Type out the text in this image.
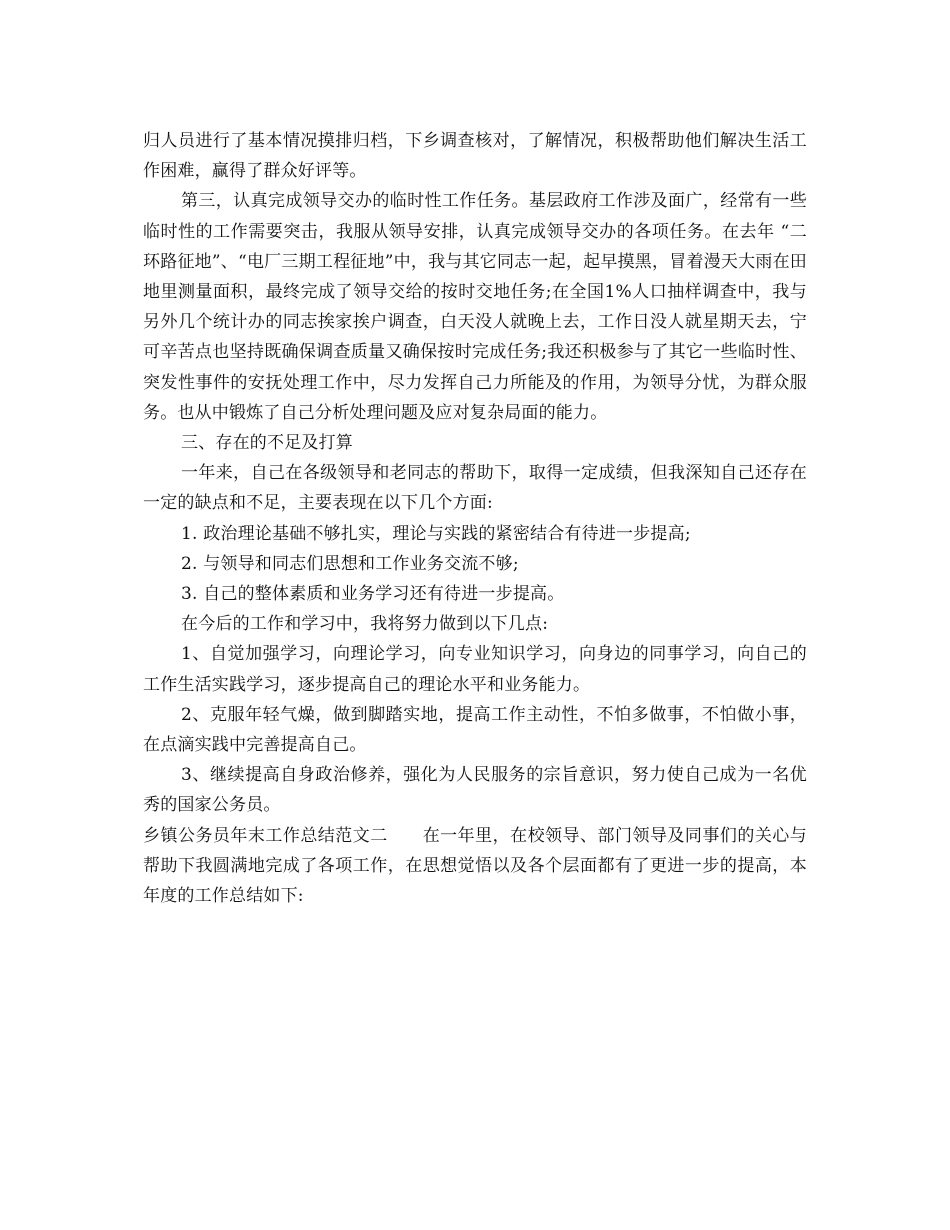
归人员进行了基本情况摸排归档，下乡调查核对，了解情况，积极帮助他们解决生活工作困难，赢得了群众好评等。

第三，认真完成领导交办的临时性工作任务。基层政府工作涉及面广，经常有一些临时性的工作需要突击，我服从领导安排，认真完成领导交办的各项任务。在去年 “二环路征地”、“电厂三期工程征地”中，我与其它同志一起，起早摸黑，冒着漫天大雨在田地里测量面积，最终完成了领导交给的按时交地任务;在全国1%人口抽样调查中，我与另外几个统计办的同志挨家挨户调查，白天没人就晚上去，工作日没人就星期天去，宁可辛苦点也坚持既确保调查质量又确保按时完成任务;我还积极参与了其它一些临时性、突发性事件的安抚处理工作中，尽力发挥自己力所能及的作用，为领导分忧，为群众服务。也从中锻炼了自己分析处理问题及应对复杂局面的能力。

三、存在的不足及打算

一年来，自己在各级领导和老同志的帮助下，取得一定成绩，但我深知自己还存在一定的缺点和不足，主要表现在以下几个方面:

1. 政治理论基础不够扎实，理论与实践的紧密结合有待进一步提高;

2. 与领导和同志们思想和工作业务交流不够;

3. 自己的整体素质和业务学习还有待进一步提高。

在今后的工作和学习中，我将努力做到以下几点:

1、自觉加强学习，向理论学习，向专业知识学习，向身边的同事学习，向自己的工作生活实践学习，逐步提高自己的理论水平和业务能力。

2、克服年轻气燥，做到脚踏实地，提高工作主动性，不怕多做事，不怕做小事，在点滴实践中完善提高自己。

3、继续提高自身政治修养，强化为人民服务的宗旨意识，努力使自己成为一名优秀的国家公务员。

乡镇公务员年末工作总结范文二　　在一年里，在校领导、部门领导及同事们的关心与帮助下我圆满地完成了各项工作，在思想觉悟以及各个层面都有了更进一步的提高，本年度的工作总结如下:
